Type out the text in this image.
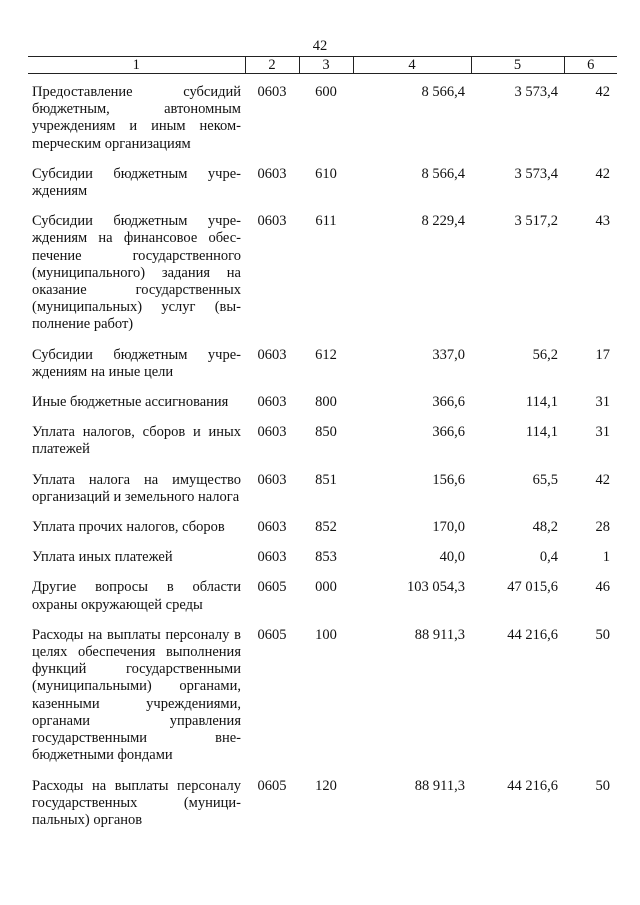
42
1	2	3	4	5	6
Предоставление субсидий бюджетным, автономным учреждениям и иным некомmерческим организациям	0603	600	8 566,4	3 573,4	42
Субсидии бюджетным учреждениям	0603	610	8 566,4	3 573,4	42
Субсидии бюджетным учреждениям на финансовое обеспечение государственного (муниципального) задания на оказание государственных (муниципальных) услуг (выполнение работ)	0603	611	8 229,4	3 517,2	43
Субсидии бюджетным учреждениям на иные цели	0603	612	337,0	56,2	17
Иные бюджетные ассигнования	0603	800	366,6	114,1	31
Уплата налогов, сборов и иных платежей	0603	850	366,6	114,1	31
Уплата налога на имущество организаций и земельного налога	0603	851	156,6	65,5	42
Уплата прочих налогов, сборов	0603	852	170,0	48,2	28
Уплата иных платежей	0603	853	40,0	0,4	1
Другие вопросы в области охраны окружающей среды	0605	000	103 054,3	47 015,6	46
Расходы на выплаты персоналу в целях обеспечения выполнения функций государственными (муниципальными) органами, казенными учреждениями, органами управления государственными внебюджетными фондами	0605	100	88 911,3	44 216,6	50
Расходы на выплаты персоналу государственных (муниципальных) органов	0605	120	88 911,3	44 216,6	50
